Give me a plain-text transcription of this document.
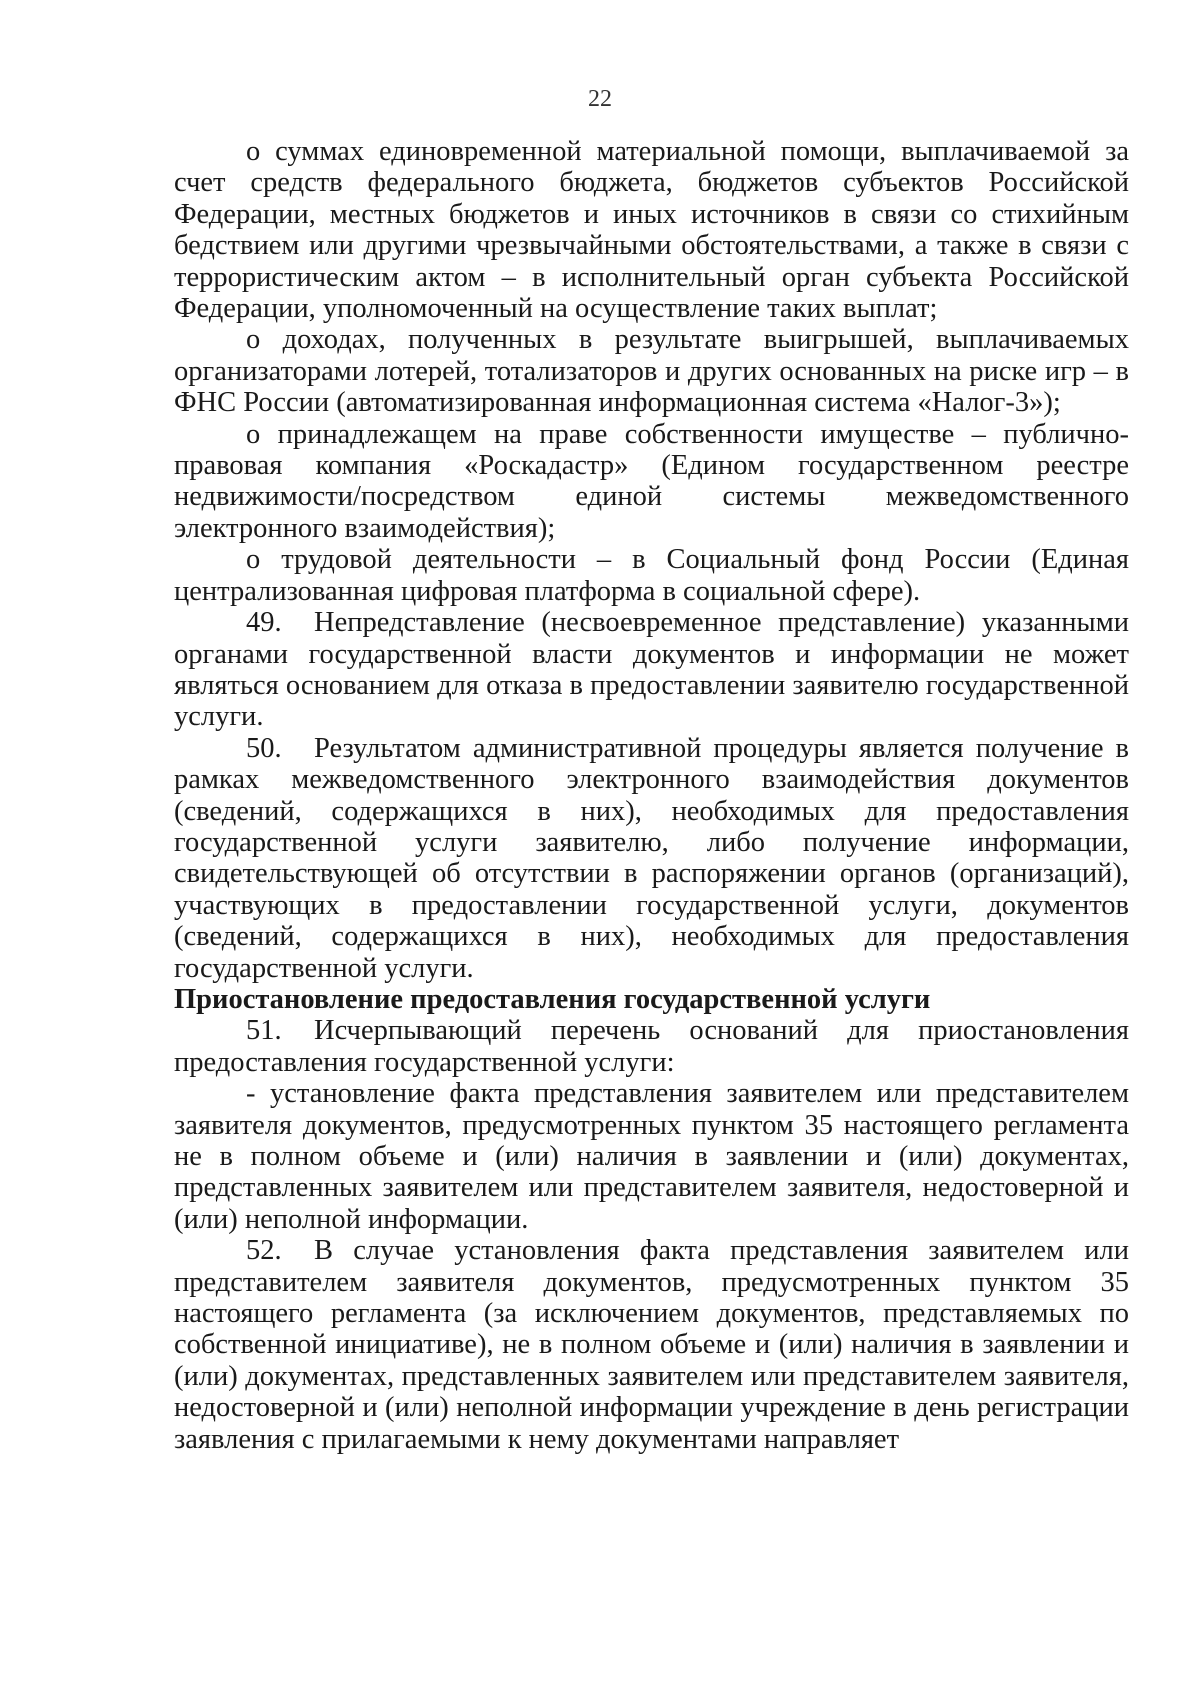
22

о суммах единовременной материальной помощи, выплачиваемой за счет средств федерального бюджета, бюджетов субъектов Российской Федерации, местных бюджетов и иных источников в связи со стихийным бедствием или другими чрезвычайными обстоятельствами, а также в связи с террористическим актом – в исполнительный орган субъекта Российской Федерации, уполномоченный на осуществление таких выплат;

о доходах, полученных в результате выигрышей, выплачиваемых организаторами лотерей, тотализаторов и других основанных на риске игр – в ФНС России (автоматизированная информационная система «Налог-3»);

о принадлежащем на праве собственности имуществе – публично-правовая компания «Роскадастр» (Едином государственном реестре недвижимости/посредством единой системы межведомственного электронного взаимодействия);

о трудовой деятельности – в Социальный фонд России (Единая централизованная цифровая платформа в социальной сфере).

49. Непредставление (несвоевременное представление) указанными органами государственной власти документов и информации не может являться основанием для отказа в предоставлении заявителю государственной услуги.

50. Результатом административной процедуры является получение в рамках межведомственного электронного взаимодействия документов (сведений, содержащихся в них), необходимых для предоставления государственной услуги заявителю, либо получение информации, свидетельствующей об отсутствии в распоряжении органов (организаций), участвующих в предоставлении государственной услуги, документов (сведений, содержащихся в них), необходимых для предоставления государственной услуги.

Приостановление предоставления государственной услуги

51. Исчерпывающий перечень оснований для приостановления предоставления государственной услуги:

- установление факта представления заявителем или представителем заявителя документов, предусмотренных пунктом 35 настоящего регламента не в полном объеме и (или) наличия в заявлении и (или) документах, представленных заявителем или представителем заявителя, недостоверной и (или) неполной информации.

52. В случае установления факта представления заявителем или представителем заявителя документов, предусмотренных пунктом 35 настоящего регламента (за исключением документов, представляемых по собственной инициативе), не в полном объеме и (или) наличия в заявлении и (или) документах, представленных заявителем или представителем заявителя, недостоверной и (или) неполной информации учреждение в день регистрации заявления с прилагаемыми к нему документами направляет
